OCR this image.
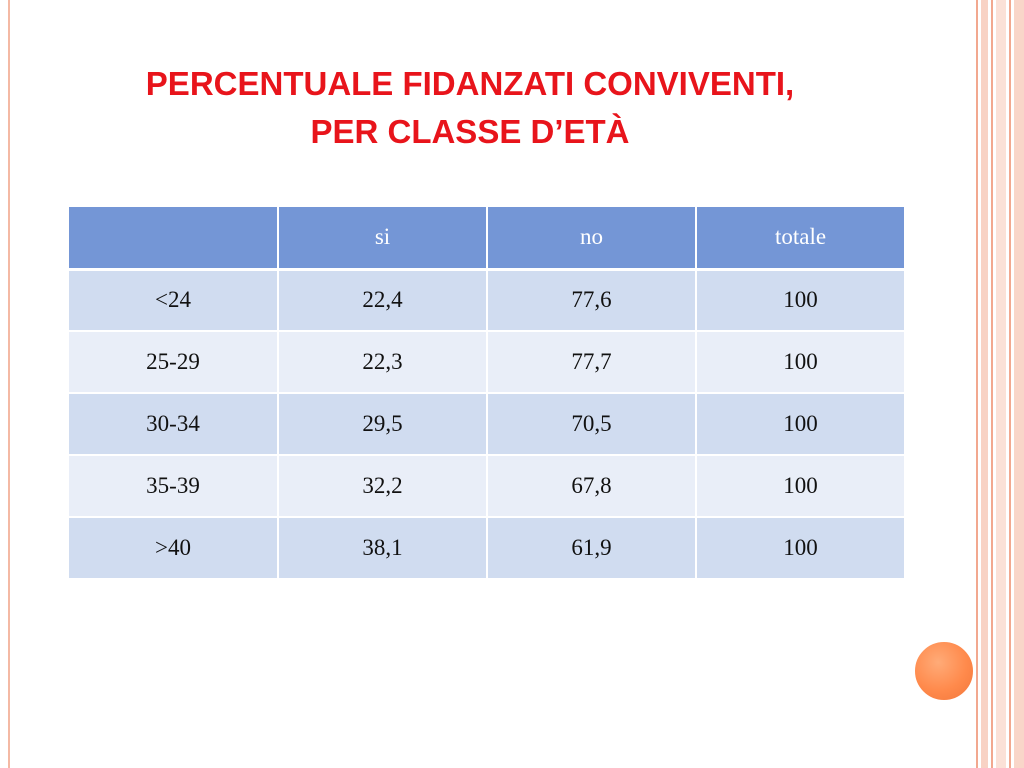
PERCENTUALE FIDANZATI CONVIVENTI,
PER CLASSE D’ETÀ
	si	no	totale
<24	22,4	77,6	100
25-29	22,3	77,7	100
30-34	29,5	70,5	100
35-39	32,2	67,8	100
>40	38,1	61,9	100
